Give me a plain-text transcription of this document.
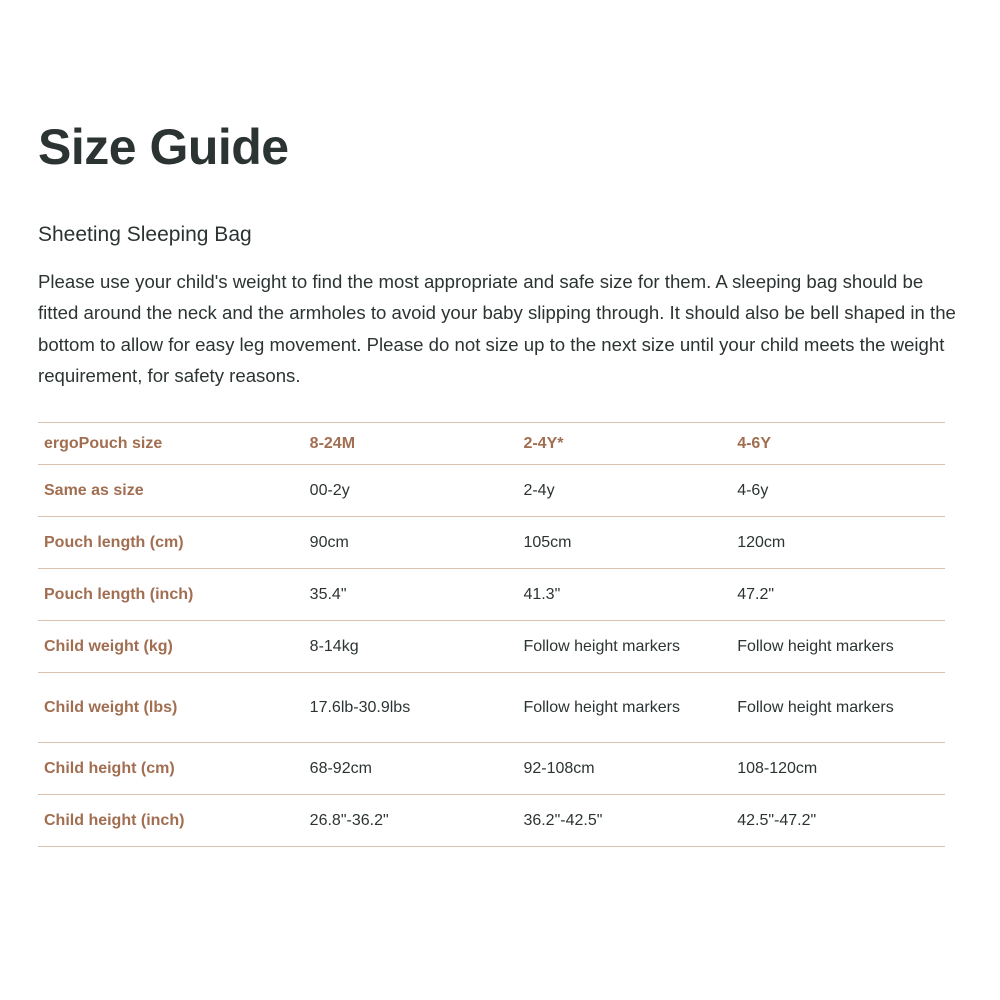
Size Guide
Sheeting Sleeping Bag

Please use your child's weight to find the most appropriate and safe size for them. A sleeping bag should be fitted around the neck and the armholes to avoid your baby slipping through. It should also be bell shaped in the bottom to allow for easy leg movement. Please do not size up to the next size until your child meets the weight requirement, for safety reasons.

ergoPouch size	8-24M	2-4Y*	4-6Y
Same as size	00-2y	2-4y	4-6y
Pouch length (cm)	90cm	105cm	120cm
Pouch length (inch)	35.4"	41.3"	47.2"
Child weight (kg)	8-14kg	Follow height markers	Follow height markers
Child weight (lbs)	17.6lb-30.9lbs	Follow height markers	Follow height markers
Child height (cm)	68-92cm	92-108cm	108-120cm
Child height (inch)	26.8"-36.2"	36.2"-42.5"	42.5"-47.2"
